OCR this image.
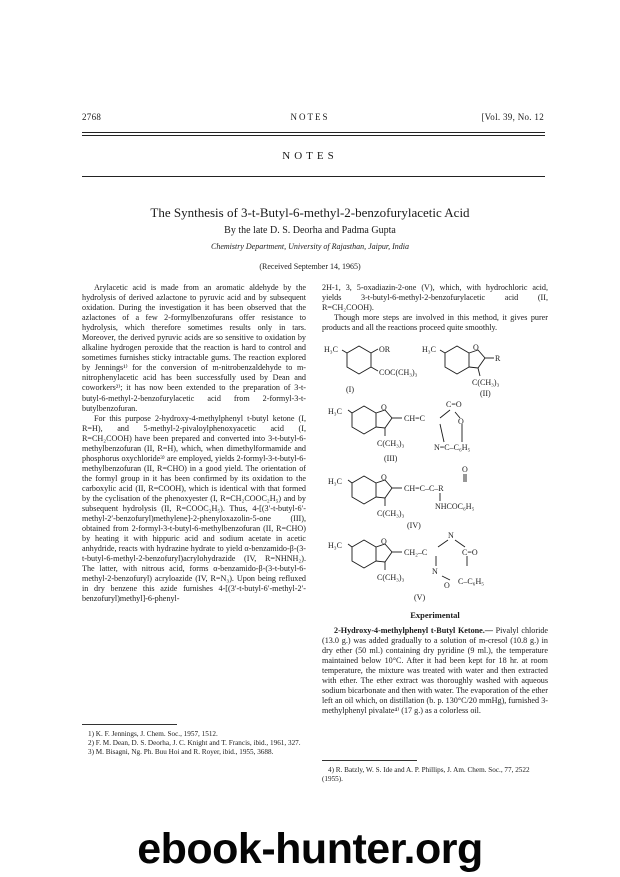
2768	NOTES	[Vol. 39, No. 12
NOTES
The Synthesis of 3-t-Butyl-6-methyl-2-benzofurylacetic Acid
By the late D. S. Deorha and Padma Gupta
Chemistry Department, University of Rajasthan, Jaipur, India
(Received September 14, 1965)

Arylacetic acid is made from an aromatic aldehyde by the hydrolysis of derived azlactone to pyruvic acid and by subsequent oxidation. During the investigation it has been observed that the azlactones of a few 2-formylbenzofurans offer resistance to hydrolysis, which therefore sometimes results only in tars. Moreover, the derived pyruvic acids are so sensitive to oxidation by alkaline hydrogen peroxide that the reaction is hard to control and sometimes furnishes sticky intractable gums. The reaction explored by Jennings¹⁾ for the conversion of m-nitrobenzaldehyde to m-nitrophenylacetic acid has been successfully used by Dean and coworkers²⁾; it has now been extended to the preparation of 3-t-butyl-6-methyl-2-benzofurylacetic acid from 2-formyl-3-t-butylbenzofuran.

For this purpose 2-hydroxy-4-methylphenyl t-butyl ketone (I, R=H), and 5-methyl-2-pivaloylphenoxyacetic acid (I, R=CH₂COOH) have been prepared and converted into 3-t-butyl-6-methylbenzofuran (II, R=H), which, when dimethylformamide and phosphorus oxychloride³⁾ are employed, yields 2-formyl-3-t-butyl-6-methylbenzofuran (II, R=CHO) in a good yield. The orientation of the formyl group in it has been confirmed by its oxidation to the carboxylic acid (II, R=COOH), which is identical with that formed by the cyclisation of the phenoxyester (I, R=CH₂COOC₂H₅) and by subsequent hydrolysis (II, R=COOC₂H₅). Thus, 4-[(3′-t-butyl-6′-methyl-2′-benzofuryl)methylene]-2-phenyloxazolin-5-one (III), obtained from 2-formyl-3-t-butyl-6-methylbenzofuran (II, R=CHO) by heating it with hippuric acid and sodium acetate in acetic anhydride, reacts with hydrazine hydrate to yield α-benzamido-β-(3-t-butyl-6-methyl-2-benzofuryl)acrylohydrazide (IV, R=NHNH₂). The latter, with nitrous acid, forms α-benzamido-β-(3-t-butyl-6-methyl-2-benzofuryl) acryloazide (IV, R=N₃). Upon being refluxed in dry benzene this azide furnishes 4-[(3′-t-butyl-6′-methyl-2′-benzofuryl)methyl]-6-phenyl-

1) K. F. Jennings, J. Chem. Soc., 1957, 1512.
2) F. M. Dean, D. S. Deorha, J. C. Knight and T. Francis, ibid., 1961, 327.
3) M. Bisagni, Ng. Ph. Buu Hoi and R. Royer, ibid., 1955, 3688.

2H-1, 3, 5-oxadiazin-2-one (V), which, with hydrochloric acid, yields 3-t-butyl-6-methyl-2-benzofurylacetic acid (II, R=CH₂COOH).

Though more steps are involved in this method, it gives purer products and all the reactions proceed quite smoothly.

H₃C	OR
COC(CH₃)₃
(I)
H₃C	O
R
C(CH₃)₃
(II)
H₃C	O
CH=C
C=O
O
C(CH₃)₃	N=C–C₆H₅
(III)
H₃C	O
CH=C–C–R
O
NHCOC₆H₅
C(CH₃)₃
(IV)
H₃C	O
CH₂–C
N
C=O
C(CH₃)₃
N
O C–C₆H₅
(V)
Experimental

2-Hydroxy-4-methylphenyl t-Butyl Ketone.— Pivalyl chloride (13.0 g.) was added gradually to a solution of m-cresol (10.8 g.) in dry ether (50 ml.) containing dry pyridine (9 ml.), the temperature maintained below 10°C. After it had been kept for 18 hr. at room temperature, the mixture was treated with water and then extracted with ether. The ether extract was thoroughly washed with aqueous sodium bicarbonate and then with water. The evaporation of the ether left an oil which, on distillation (b. p. 130°C/20 mmHg), furnished 3-methylphenyl pivalate⁴⁾ (17 g.) as a colorless oil.

4) R. Batzly, W. S. Ide and A. P. Phillips, J. Am. Chem. Soc., 77, 2522 (1955).
ebook-hunter.org
